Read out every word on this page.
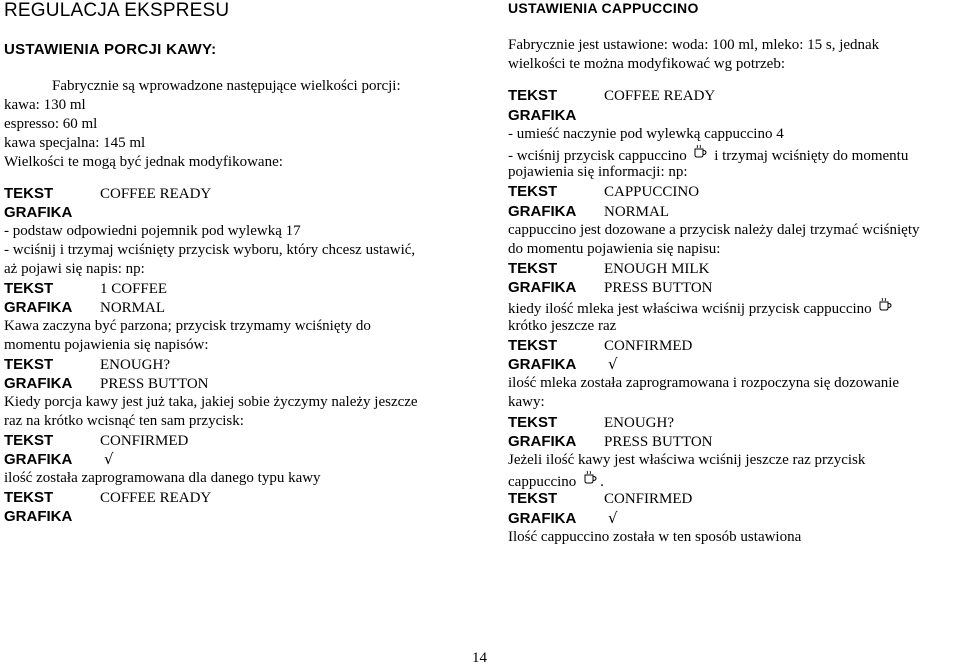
REGULACJA EKSPRESU
USTAWIENIA PORCJI KAWY:
Fabrycznie są wprowadzone następujące wielkości porcji:
kawa: 130 ml
espresso: 60 ml
kawa specjalna: 145 ml
Wielkości te mogą być jednak modyfikowane:
TEKST	COFFEE READY
GRAFIKA
- podstaw odpowiedni pojemnik pod wylewką 17
- wciśnij i trzymaj wciśnięty przycisk wyboru, który chcesz ustawić,
aż pojawi się napis: np:
TEKST	1 COFFEE
GRAFIKA NORMAL
Kawa zaczyna być parzona; przycisk trzymamy wciśnięty do
momentu pojawienia się napisów:
TEKST	ENOUGH?
GRAFIKA PRESS BUTTON
Kiedy porcja kawy jest już taka, jakiej sobie życzymy należy jeszcze
raz na krótko wcisnąć ten sam przycisk:
TEKST	CONFIRMED
GRAFIKA √
ilość została zaprogramowana dla danego typu kawy
TEKST	COFFEE READY
GRAFIKA
USTAWIENIA CAPPUCCINO
Fabrycznie jest ustawione: woda: 100 ml, mleko: 15 s, jednak
wielkości te można modyfikować wg potrzeb:
TEKST	COFFEE READY
GRAFIKA
- umieść naczynie pod wylewką cappuccino 4
- wciśnij przycisk cappuccino i trzymaj wciśnięty do momentu
pojawienia się informacji: np:
TEKST	CAPPUCCINO
GRAFIKA NORMAL
cappuccino jest dozowane a przycisk należy dalej trzymać wciśnięty
do momentu pojawienia się napisu:
TEKST	ENOUGH MILK
GRAFIKA PRESS BUTTON
kiedy ilość mleka jest właściwa wciśnij przycisk cappuccino
krótko jeszcze raz
TEKST	CONFIRMED
GRAFIKA √
ilość mleka została zaprogramowana i rozpoczyna się dozowanie
kawy:
TEKST	ENOUGH?
GRAFIKA PRESS BUTTON
Jeżeli ilość kawy jest właściwa wciśnij jeszcze raz przycisk
cappuccino .
TEKST	CONFIRMED
GRAFIKA √
Ilość cappuccino została w ten sposób ustawiona
14
